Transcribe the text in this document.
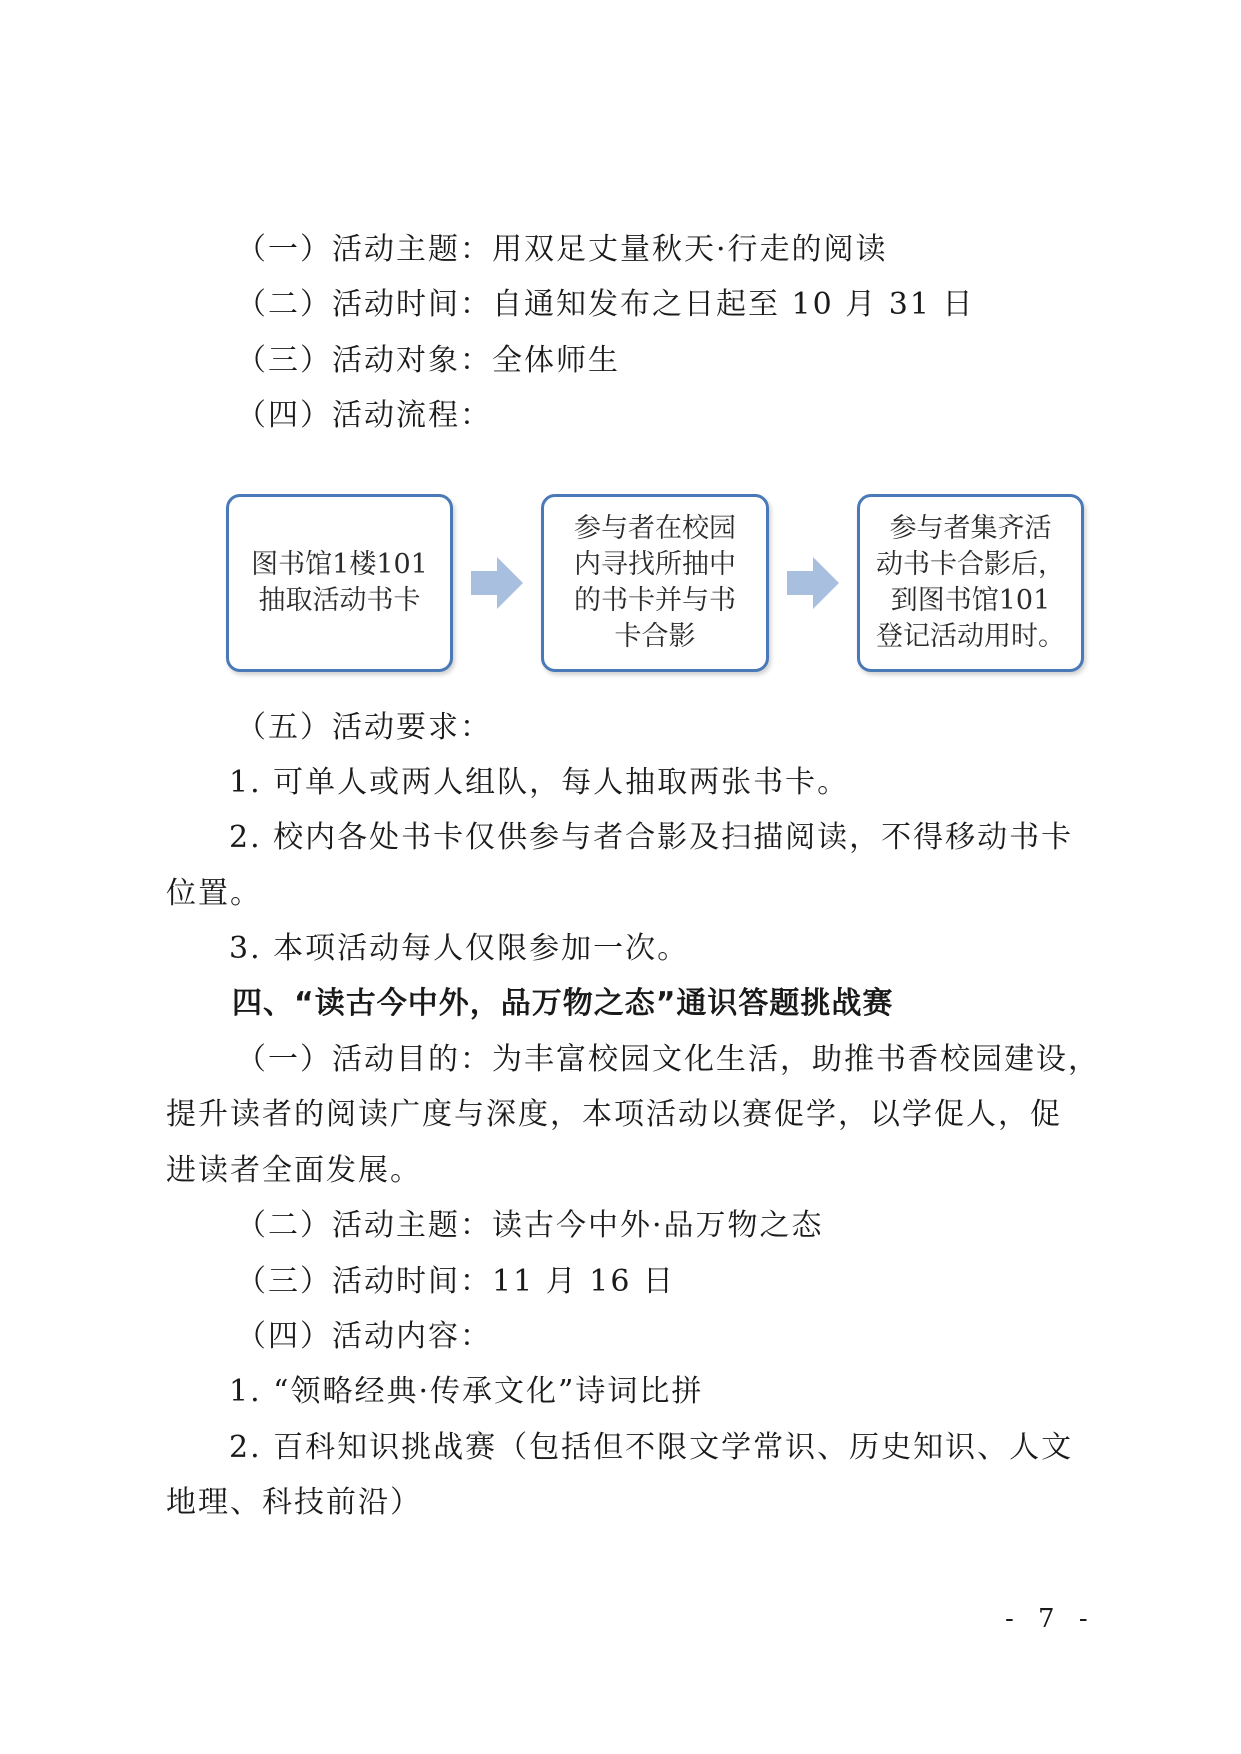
（一）活动主题：用双足丈量秋天·行走的阅读
（二）活动时间：自通知发布之日起至 10 月 31 日
（三）活动对象：全体师生
（四）活动流程：
图书馆1楼101
抽取活动书卡
参与者在校园
内寻找所抽中
的书卡并与书
卡合影
参与者集齐活
动书卡合影后，
到图书馆101
登记活动用时。
（五）活动要求：
1. 可单人或两人组队，每人抽取两张书卡。
2. 校内各处书卡仅供参与者合影及扫描阅读，不得移动书卡
位置。
3. 本项活动每人仅限参加一次。
四、“读古今中外，品万物之态”通识答题挑战赛
（一）活动目的：为丰富校园文化生活，助推书香校园建设，
提升读者的阅读广度与深度，本项活动以赛促学，以学促人，促
进读者全面发展。
（二）活动主题：读古今中外·品万物之态
（三）活动时间：11 月 16 日
（四）活动内容：
1. “领略经典·传承文化”诗词比拼
2. 百科知识挑战赛（包括但不限文学常识、历史知识、人文
地理、科技前沿）
- 7 -
